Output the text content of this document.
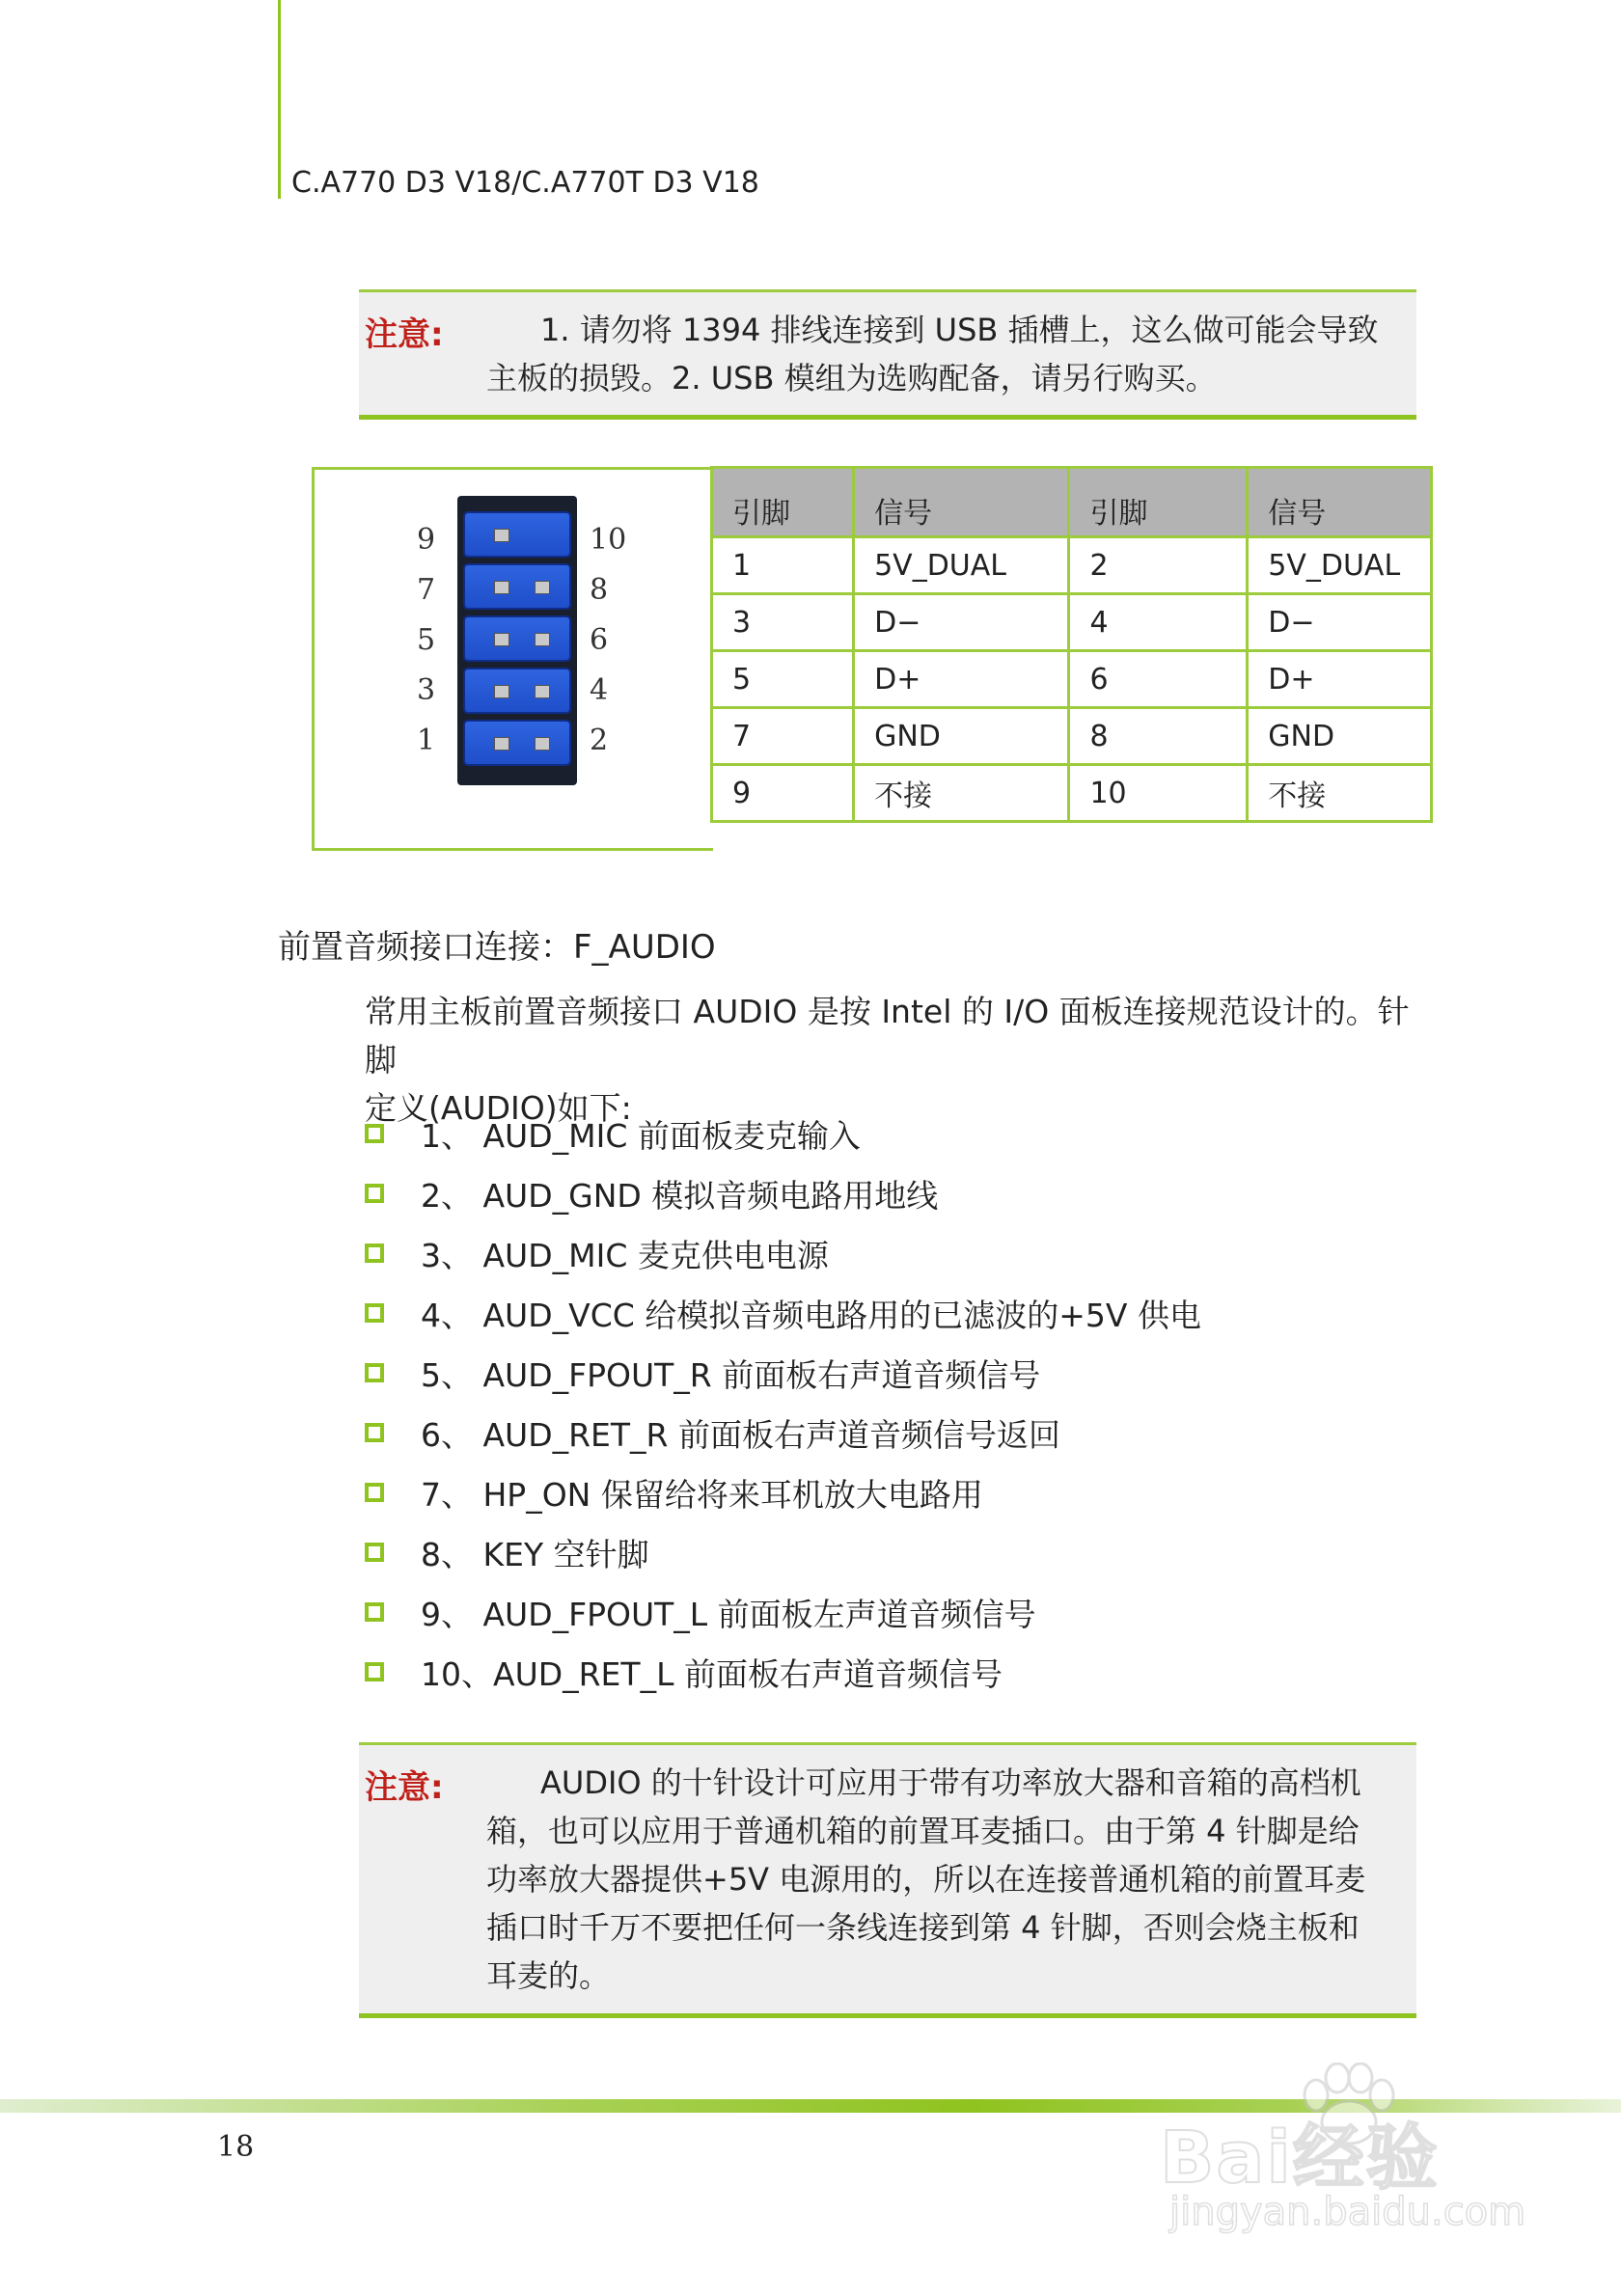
C.A770 D3 V18/C.A770T D3 V18
注意:	1. 请勿将 1394 排线连接到 USB 插槽上，这么做可能会导致
主板的损毁。2. USB 模组为选购配备，请另行购买。
9
7
5
3
1
10
8
6
4
2
引脚	信号	引脚	信号
1	5V_DUAL	2	5V_DUAL
3	D−	4	D−
5	D+	6	D+
7	GND	8	GND
9	不接	10	不接
前置音频接口连接：F_AUDIO
常用主板前置音频接口 AUDIO 是按 Intel 的 I/O 面板连接规范设计的。针脚
定义(AUDIO)如下:
1、 AUD_MIC 前面板麦克输入
2、 AUD_GND 模拟音频电路用地线
3、 AUD_MIC 麦克供电电源
4、 AUD_VCC 给模拟音频电路用的已滤波的+5V 供电
5、 AUD_FPOUT_R 前面板右声道音频信号
6、 AUD_RET_R 前面板右声道音频信号返回
7、 HP_ON 保留给将来耳机放大电路用
8、 KEY 空针脚
9、 AUD_FPOUT_L 前面板左声道音频信号
10、AUD_RET_L 前面板右声道音频信号
注意:	AUDIO 的十针设计可应用于带有功率放大器和音箱的高档机
箱，也可以应用于普通机箱的前置耳麦插口。由于第 4 针脚是给
功率放大器提供+5V 电源用的，所以在连接普通机箱的前置耳麦
插口时千万不要把任何一条线连接到第 4 针脚，否则会烧主板和
耳麦的。
18	Bai经验
jingyan.baidu.com
